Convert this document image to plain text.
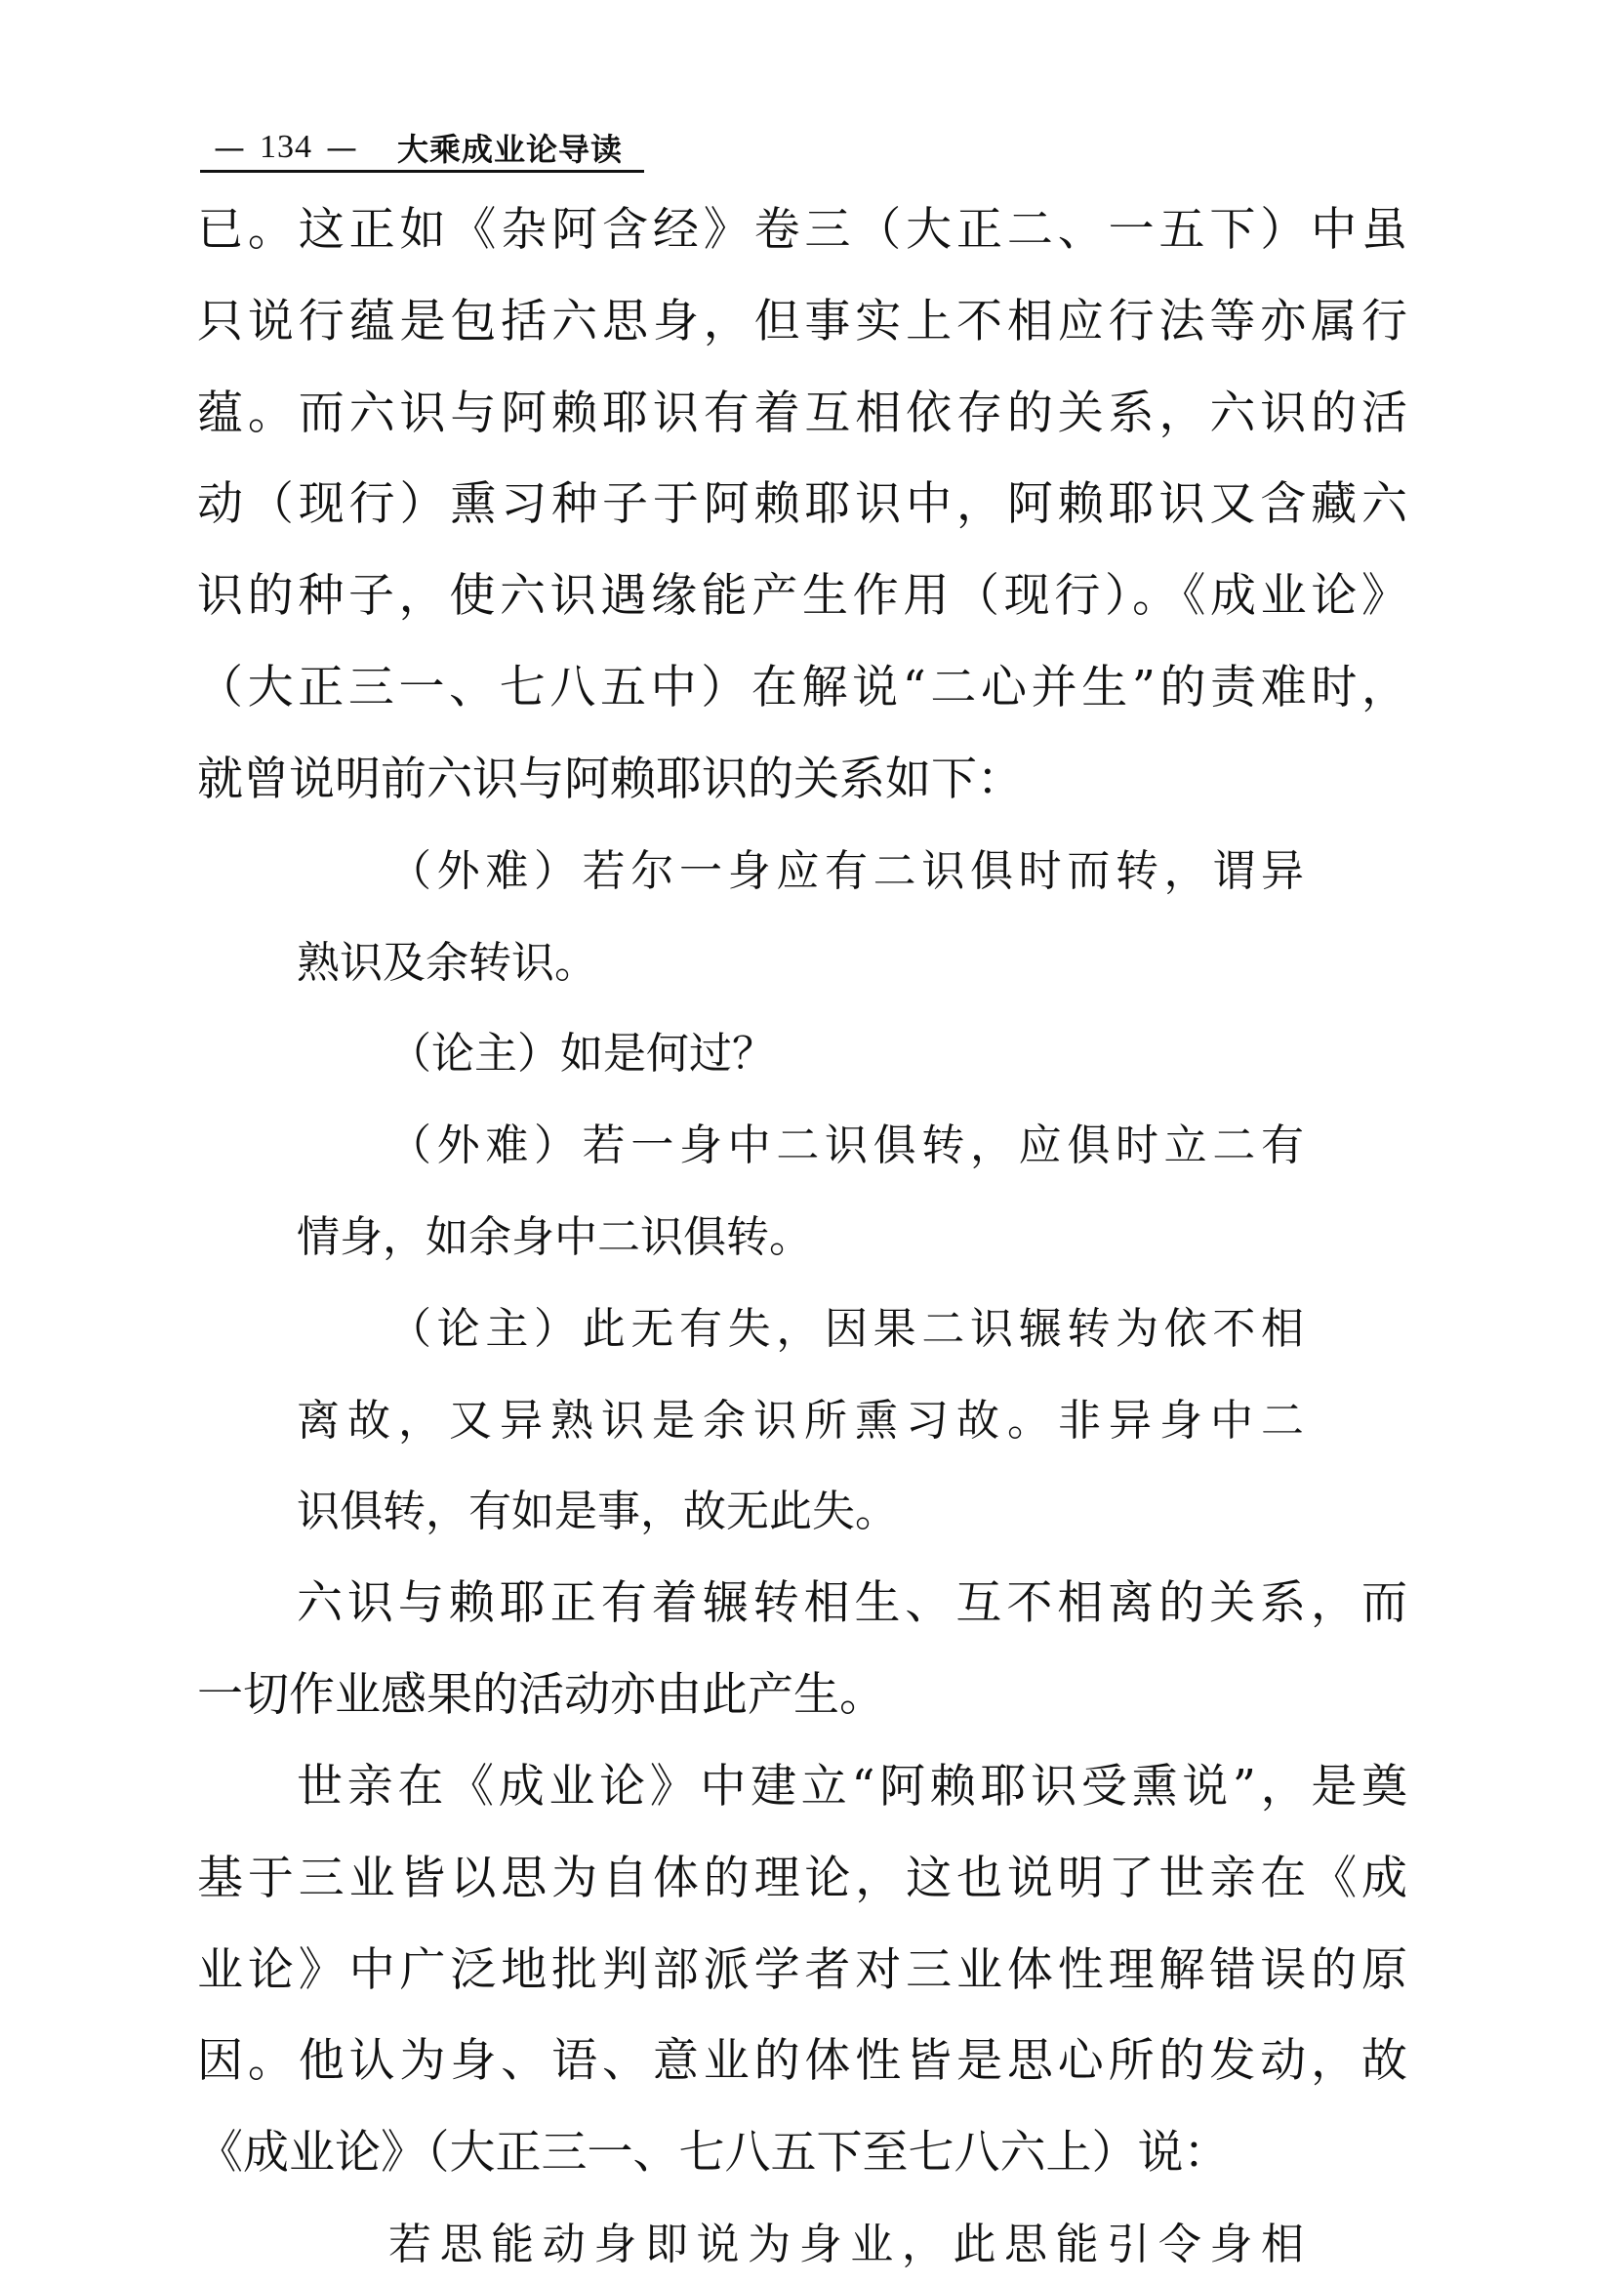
— 134 — 大乘成业论导读
已。这正如《杂阿含经》卷三（大正二、一五下）中虽
只说行蕴是包括六思身，但事实上不相应行法等亦属行
蕴。而六识与阿赖耶识有着互相依存的关系，六识的活
动（现行）熏习种子于阿赖耶识中，阿赖耶识又含藏六
识的种子，使六识遇缘能产生作用（现行）。《成业论》
（大正三一、七八五中）在解说“二心并生”的责难时，
就曾说明前六识与阿赖耶识的关系如下：
（外难）若尔一身应有二识俱时而转，谓异
熟识及余转识。
（论主）如是何过？
（外难）若一身中二识俱转，应俱时立二有
情身，如余身中二识俱转。
（论主）此无有失，因果二识辗转为依不相
离故，又异熟识是余识所熏习故。非异身中二
识俱转，有如是事，故无此失。
六识与赖耶正有着辗转相生、互不相离的关系，而
一切作业感果的活动亦由此产生。
世亲在《成业论》中建立“阿赖耶识受熏说”，是奠
基于三业皆以思为自体的理论，这也说明了世亲在《成
业论》中广泛地批判部派学者对三业体性理解错误的原
因。他认为身、语、意业的体性皆是思心所的发动，故
《成业论》（大正三一、七八五下至七八六上）说：
若思能动身即说为身业，此思能引令身相
